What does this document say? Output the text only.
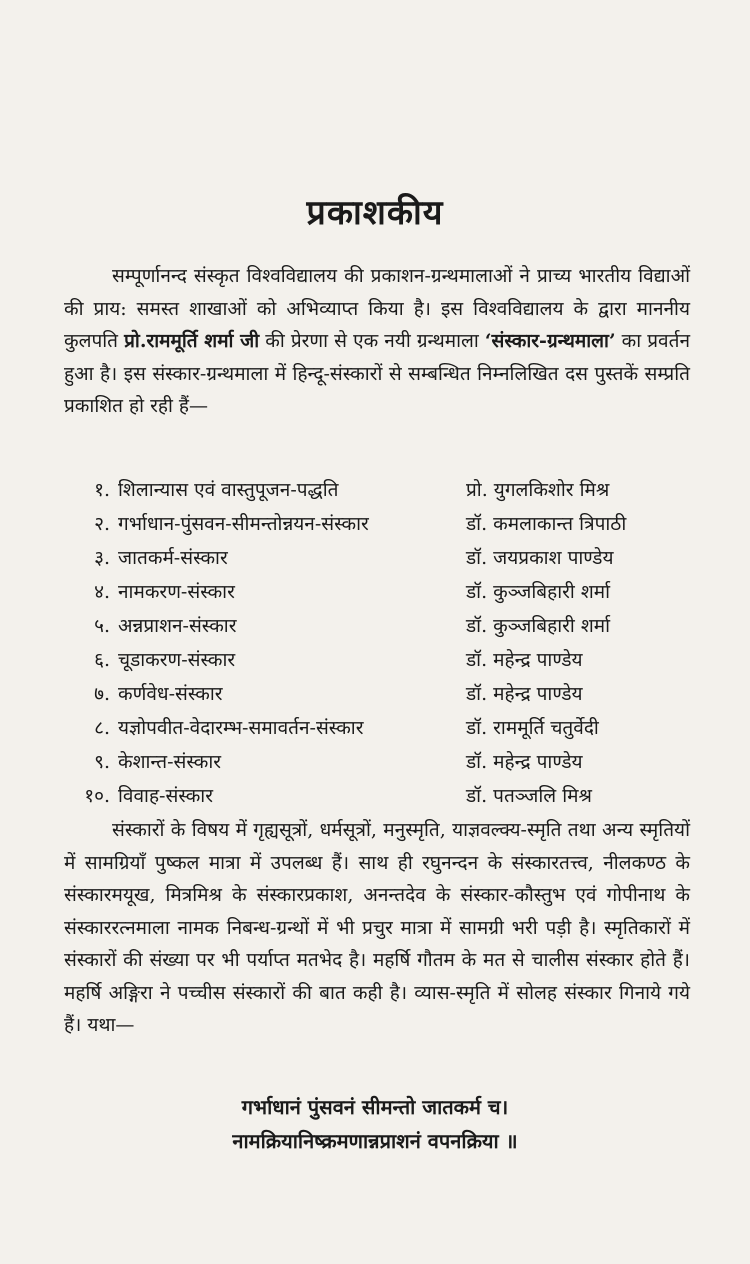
प्रकाशकीय
सम्पूर्णानन्द संस्कृत विश्वविद्यालय की प्रकाशन-ग्रन्थमालाओं ने प्राच्य भारतीय विद्याओं की प्राय: समस्त शाखाओं को अभिव्याप्त किया है। इस विश्वविद्यालय के द्वारा माननीय कुलपति प्रो.राममूर्ति शर्मा जी की प्रेरणा से एक नयी ग्रन्थमाला ‘संस्कार-ग्रन्थमाला’ का प्रवर्तन हुआ है। इस संस्कार-ग्रन्थमाला में हिन्दू-संस्कारों से सम्बन्धित निम्नलिखित दस पुस्तकें सम्प्रति प्रकाशित हो रही हैं—
१. शिलान्यास एवं वास्तुपूजन-पद्धति	प्रो. युगलकिशोर मिश्र
२. गर्भाधान-पुंसवन-सीमन्तोन्नयन-संस्कार	डॉ. कमलाकान्त त्रिपाठी
३. जातकर्म-संस्कार	डॉ. जयप्रकाश पाण्डेय
४. नामकरण-संस्कार	डॉ. कुञ्जबिहारी शर्मा
५. अन्नप्राशन-संस्कार	डॉ. कुञ्जबिहारी शर्मा
६. चूडाकरण-संस्कार	डॉ. महेन्द्र पाण्डेय
७. कर्णवेध-संस्कार	डॉ. महेन्द्र पाण्डेय
८. यज्ञोपवीत-वेदारम्भ-समावर्तन-संस्कार	डॉ. राममूर्ति चतुर्वेदी
९. केशान्त-संस्कार	डॉ. महेन्द्र पाण्डेय
१०. विवाह-संस्कार	डॉ. पतञ्जलि मिश्र
संस्कारों के विषय में गृह्यसूत्रों, धर्मसूत्रों, मनुस्मृति, याज्ञवल्क्य-स्मृति तथा अन्य स्मृतियों में सामग्रियाँ पुष्कल मात्रा में उपलब्ध हैं। साथ ही रघुनन्दन के संस्कारतत्त्व, नीलकण्ठ के संस्कारमयूख, मित्रमिश्र के संस्कारप्रकाश, अनन्तदेव के संस्कार-कौस्तुभ एवं गोपीनाथ के संस्काररत्नमाला नामक निबन्ध-ग्रन्थों में भी प्रचुर मात्रा में सामग्री भरी पड़ी है। स्मृतिकारों में संस्कारों की संख्या पर भी पर्याप्त मतभेद है। महर्षि गौतम के मत से चालीस संस्कार होते हैं। महर्षि अङ्गिरा ने पच्चीस संस्कारों की बात कही है। व्यास-स्मृति में सोलह संस्कार गिनाये गये हैं। यथा—
गर्भाधानं पुंसवनं सीमन्तो जातकर्म च।
नामक्रियानिष्क्रमणान्नप्राशनं वपनक्रिया ॥
